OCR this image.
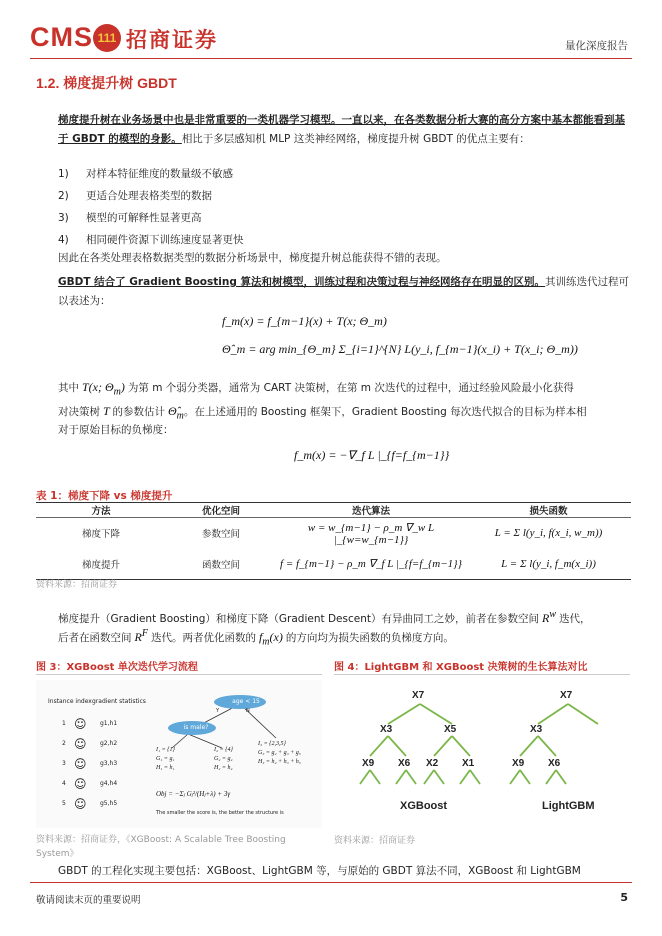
CMS 111 招商证券	量化深度报告
1.2. 梯度提升树 GBDT
梯度提升树在业务场景中也是非常重要的一类机器学习模型。一直以来，在各类数据分析大赛的高分方案中基本都能看到基于 GBDT 的模型的身影。相比于多层感知机 MLP 这类神经网络，梯度提升树 GBDT 的优点主要有：
1) 对样本特征维度的数量级不敏感
2) 更适合处理表格类型的数据
3) 模型的可解释性显著更高
4) 相同硬件资源下训练速度显著更快
因此在各类处理表格数据类型的数据分析场景中，梯度提升树总能获得不错的表现。
GBDT 结合了 Gradient Boosting 算法和树模型，训练过程和决策过程与神经网络存在明显的区别。其训练迭代过程可以表述为：
f_m(x) = f_{m−1}(x) + T(x; Θ_m)
Θ̂_m = arg min_{Θ_m} Σ_{i=1}^{N} L(y_i, f_{m−1}(x_i) + T(x_i; Θ_m))
其中 T(x; $\Theta_m$) 为第 m 个弱分类器，通常为 CART 决策树，在第 m 次迭代的过程中，通过经验风险最小化获得
对决策树 T 的参数估计 $\Thetâ_m$。在上述通用的 Boosting 框架下，Gradient Boosting 每次迭代拟合的目标为样本相
对于原始目标的负梯度：
f_m(x) = −∇_f L |_{f=f_{m−1}}
表 1：梯度下降 vs 梯度提升
方法	优化空间	迭代算法	损失函数
梯度下降	参数空间	w = w_{m−1} − ρ_m ∇_w L |_{w=w_{m−1}}	L = Σ l(y_i, f(x_i, w_m))
梯度提升	函数空间	f = f_{m−1} − ρ_m ∇_f L |_{f=f_{m−1}}	L = Σ l(y_i, f_m(x_i))
资料来源：招商证券
梯度提升（Gradient Boosting）和梯度下降（Gradient Descent）有异曲同工之妙，前者在参数空间 $R^w$ 迭代，
后者在函数空间 $R^F$ 迭代。两者优化函数的 $f_m(x)$ 的方向均为损失函数的负梯度方向。
图 3：XGBoost 单次迭代学习流程
Instance index gradient statistics
1
2
3
4
5
☺
☺
☺
☺
☺
g1,h1
g2,h2
g3,h3
g4,h4
g5,h5
age < 15
is male?
Y	N
I₁ = {1}
G₁ = g₁
H₁ = h₁
I₂ = {4}
G₂ = g₄
H₂ = h₄
I₃ = {2,3,5}
G₃ = g₂ + g₃ + g₅
H₃ = h₂ + h₃ + h₅
Obj = −Σⱼ Gⱼ²/(Hⱼ+λ) + 3γ
The smaller the score is, the better the structure is
资料来源：招商证券，《XGBoost: A Scalable Tree Boosting System》
图 4：LightGBM 和 XGBoost 决策树的生长算法对比
X7
X3	X5
X9 X6 X2 X1
XGBoost
X7
X3
X9 X6
LightGBM
资料来源：招商证券
GBDT 的工程化实现主要包括：XGBoost、LightGBM 等，与原始的 GBDT 算法不同，XGBoost 和 LightGBM
敬请阅读末页的重要说明	5
